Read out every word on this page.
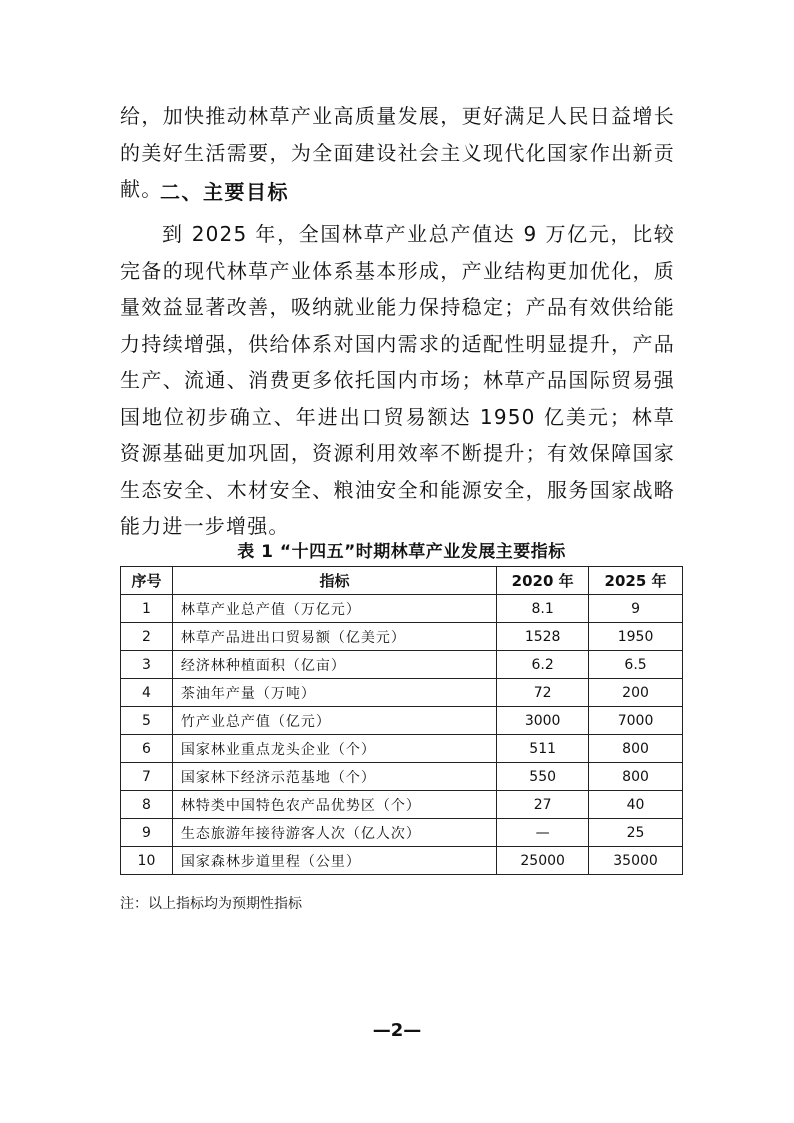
给，加快推动林草产业高质量发展，更好满足人民日益增长的美好生活需要，为全面建设社会主义现代化国家作出新贡献。
二、主要目标
到 2025 年，全国林草产业总产值达 9 万亿元，比较完备的现代林草产业体系基本形成，产业结构更加优化，质量效益显著改善，吸纳就业能力保持稳定；产品有效供给能力持续增强，供给体系对国内需求的适配性明显提升，产品生产、流通、消费更多依托国内市场；林草产品国际贸易强国地位初步确立、年进出口贸易额达 1950 亿美元；林草资源基础更加巩固，资源利用效率不断提升；有效保障国家生态安全、木材安全、粮油安全和能源安全，服务国家战略能力进一步增强。
表 1 “十四五”时期林草产业发展主要指标
序号	指标	2020 年	2025 年
1	林草产业总产值（万亿元）	8.1	9
2	林草产品进出口贸易额（亿美元）	1528	1950
3	经济林种植面积（亿亩）	6.2	6.5
4	茶油年产量（万吨）	72	200
5	竹产业总产值（亿元）	3000	7000
6	国家林业重点龙头企业（个）	511	800
7	国家林下经济示范基地（个）	550	800
8	林特类中国特色农产品优势区（个）	27	40
9	生态旅游年接待游客人次（亿人次）	—	25
10	国家森林步道里程（公里）	25000	35000
注：以上指标均为预期性指标
—2—
